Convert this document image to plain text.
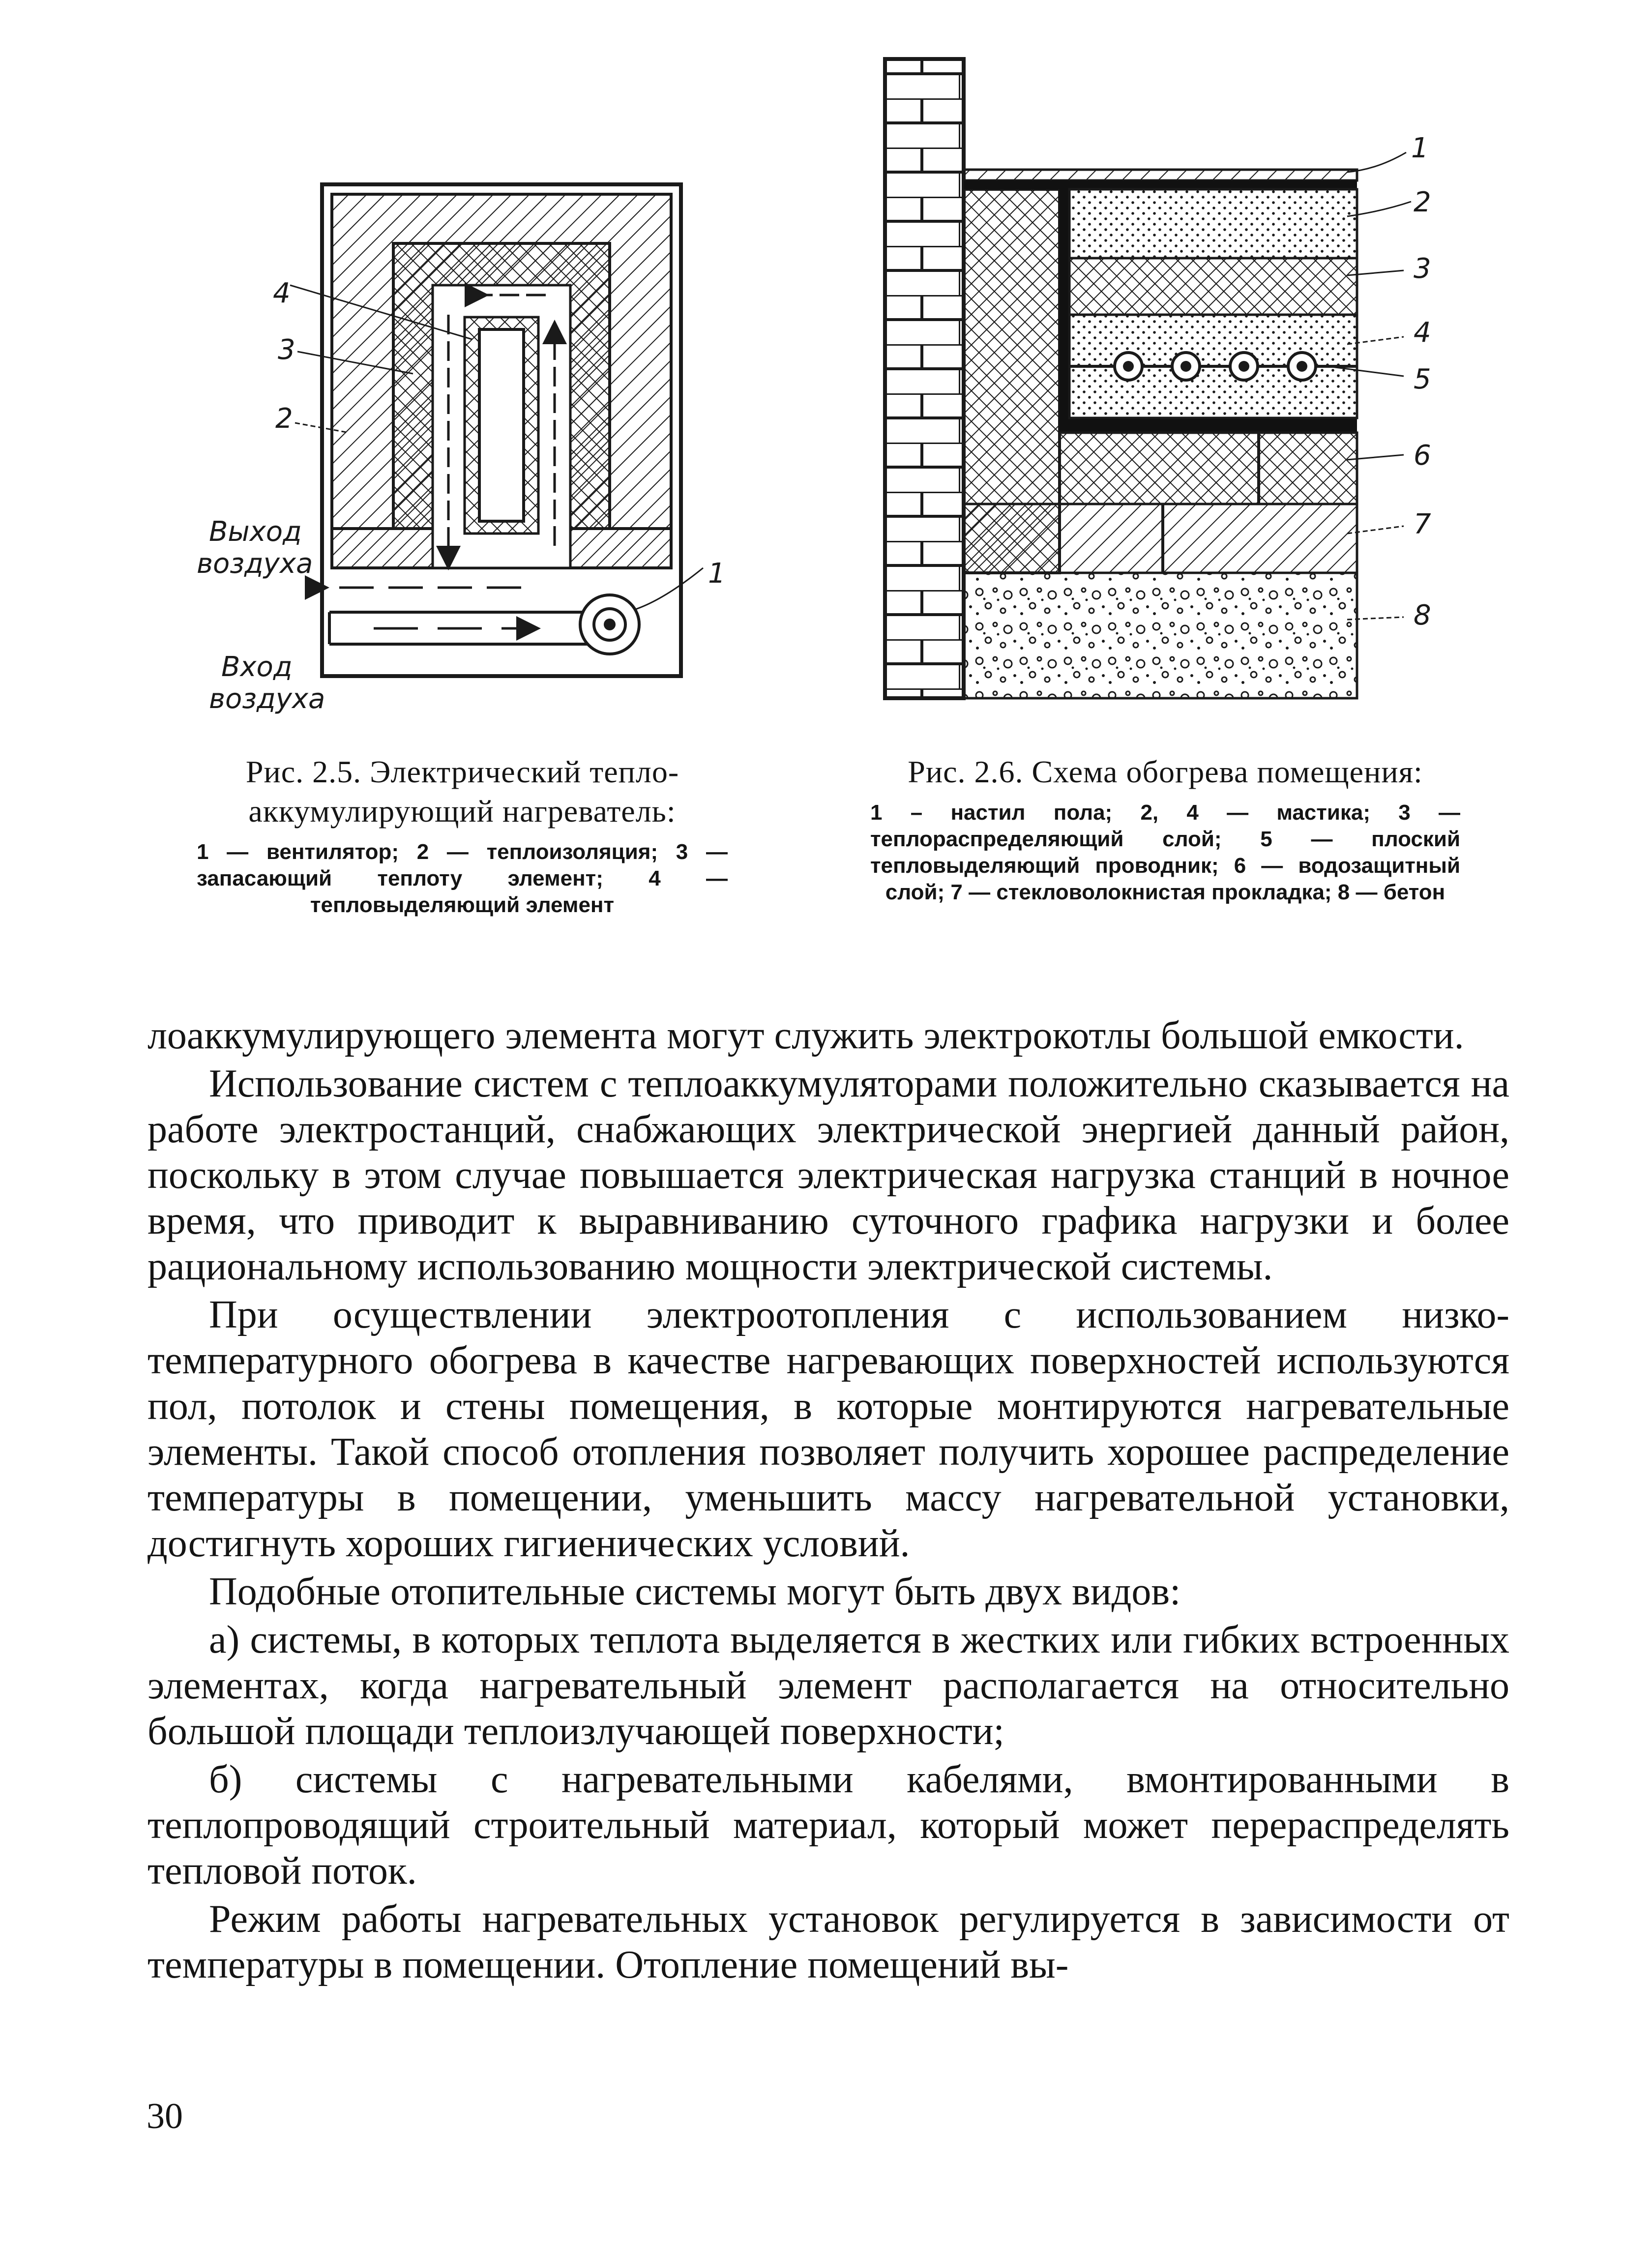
4
3
2
1
Выход
воздуха
Вход
воздуха
Рис. 2.5. Электрический теплоаккумулирующий нагреватель:
1 — вентилятор; 2 — теплоизоляция; 3 — запасающий теплоту элемент; 4 — тепловыделяющий элемент
1
2
3
4
5
6
7
8
Рис. 2.6. Схема обогрева помещения:
1 – настил пола; 2, 4 — мастика; 3 — теплораспределяющий слой; 5 — плоский тепловыделяющий проводник; 6 — водозащитный слой; 7 — стекловолокнистая прокладка; 8 — бетон

лоаккумулирующего элемента могут служить электрокотлы большой емкости.

Использование систем с теплоаккумуляторами положительно сказывается на работе электростанций, снабжающих электрической энергией данный район, поскольку в этом случае повышается электрическая нагрузка станций в ночное время, что приводит к выравниванию суточного графика нагрузки и более рациональному использованию мощности электрической системы.

При осуществлении электроотопления с использованием низкотемпературного обогрева в качестве нагревающих поверхностей используются пол, потолок и стены помещения, в которые монтируются нагревательные элементы. Такой способ отопления позволяет получить хорошее распределение температуры в помещении, уменьшить массу нагревательной установки, достигнуть хороших гигиенических условий.

Подобные отопительные системы могут быть двух видов:

а) системы, в которых теплота выделяется в жестких или гибких встроенных элементах, когда нагревательный элемент располагается на относительно большой площади теплоизлучающей поверхности;

б) системы с нагревательными кабелями, вмонтированными в теплопроводящий строительный материал, который может перераспределять тепловой поток.

Режим работы нагревательных установок регулируется в зависимости от температуры в помещении. Отопление помещений вы-

30
